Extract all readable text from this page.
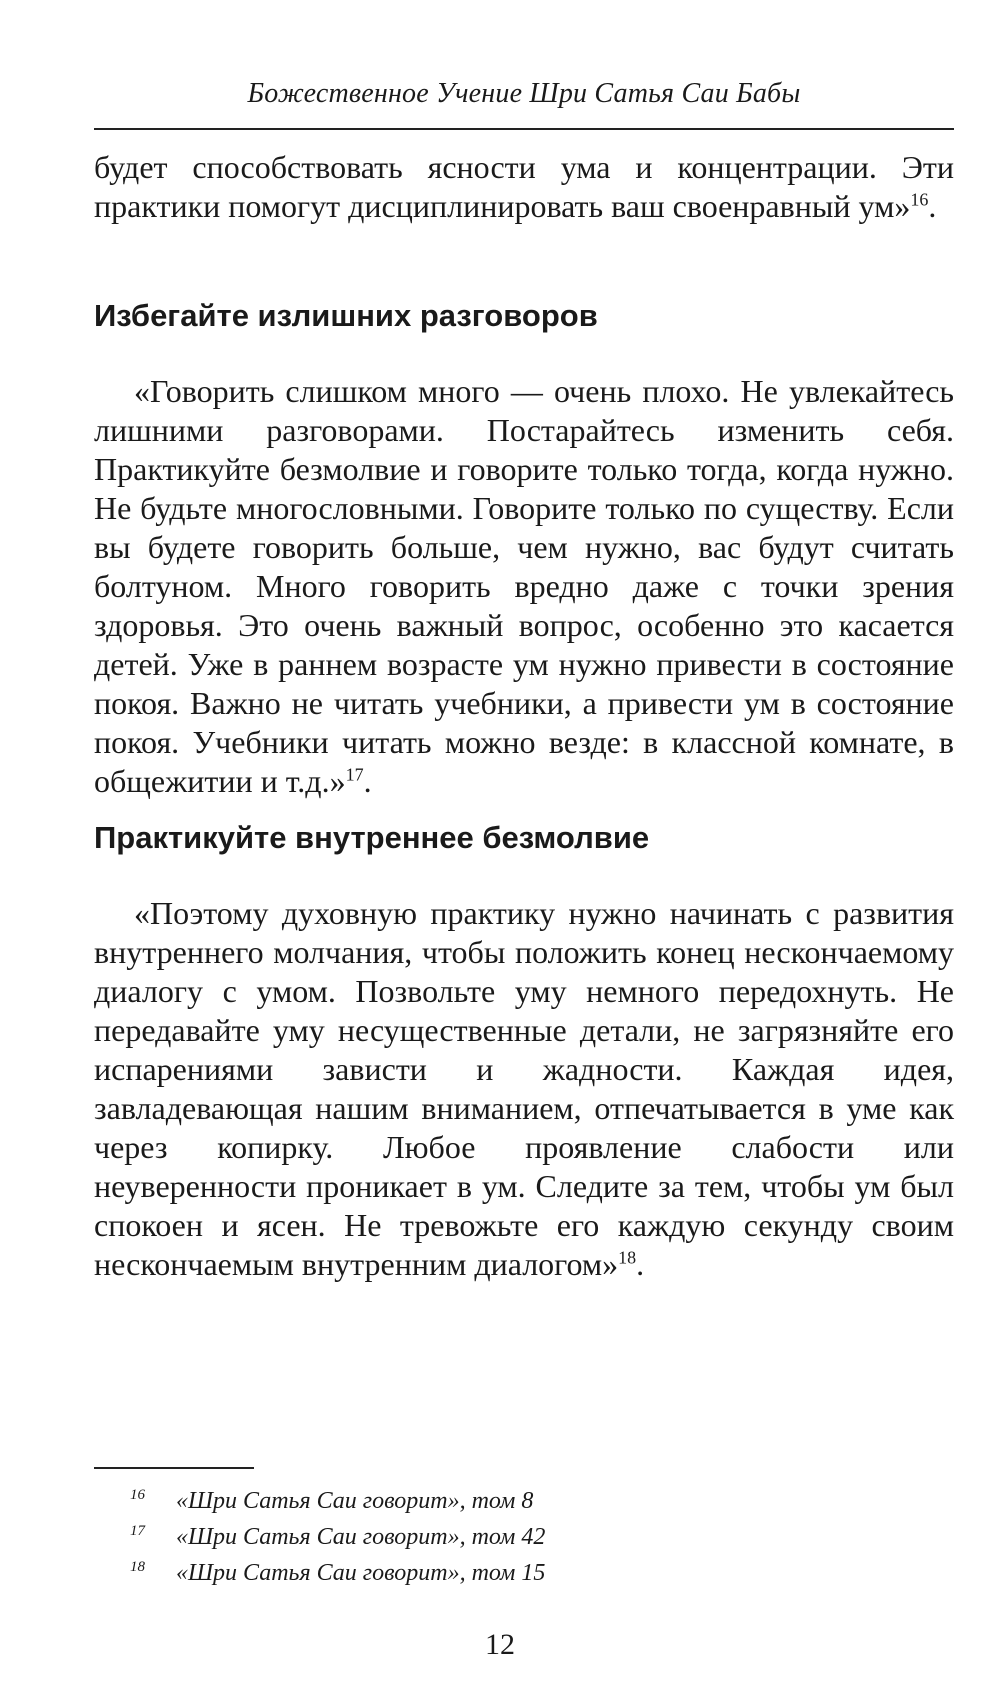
Божественное Учение Шри Сатья Саи Бабы

будет способствовать ясности ума и концентрации. Эти практики помогут дисциплинировать ваш своенравный ум»$^{16}$.

Избегайте излишних разговоров

«Говорить слишком много — очень плохо. Не увлекайтесь лишними разговорами. Постарайтесь изменить себя. Практикуйте безмолвие и говорите только тогда, когда нужно. Не будьте многословными. Говорите только по существу. Если вы будете говорить больше, чем нужно, вас будут считать болтуном. Много говорить вредно даже с точки зрения здоровья. Это очень важный вопрос, особенно это касается детей. Уже в раннем возрасте ум нужно привести в состояние покоя. Важно не читать учебники, а привести ум в состояние покоя. Учебники читать можно везде: в классной комнате, в общежитии и т.д.»$^{17}$.

Практикуйте внутреннее безмолвие

«Поэтому духовную практику нужно начинать с развития внутреннего молчания, чтобы положить конец нескончаемому диалогу с умом. Позвольте уму немного передохнуть. Не передавайте уму несущественные детали, не загрязняйте его испарениями зависти и жадности. Каждая идея, завладевающая нашим вниманием, отпечатывается в уме как через копирку. Любое проявление слабости или неуверенности проникает в ум. Следите за тем, чтобы ум был спокоен и ясен. Не тревожьте его каждую секунду своим нескончаемым внутренним диалогом»$^{18}$.

16 «Шри Сатья Саи говорит», том 8
17 «Шри Сатья Саи говорит», том 42
18 «Шри Сатья Саи говорит», том 15
12
